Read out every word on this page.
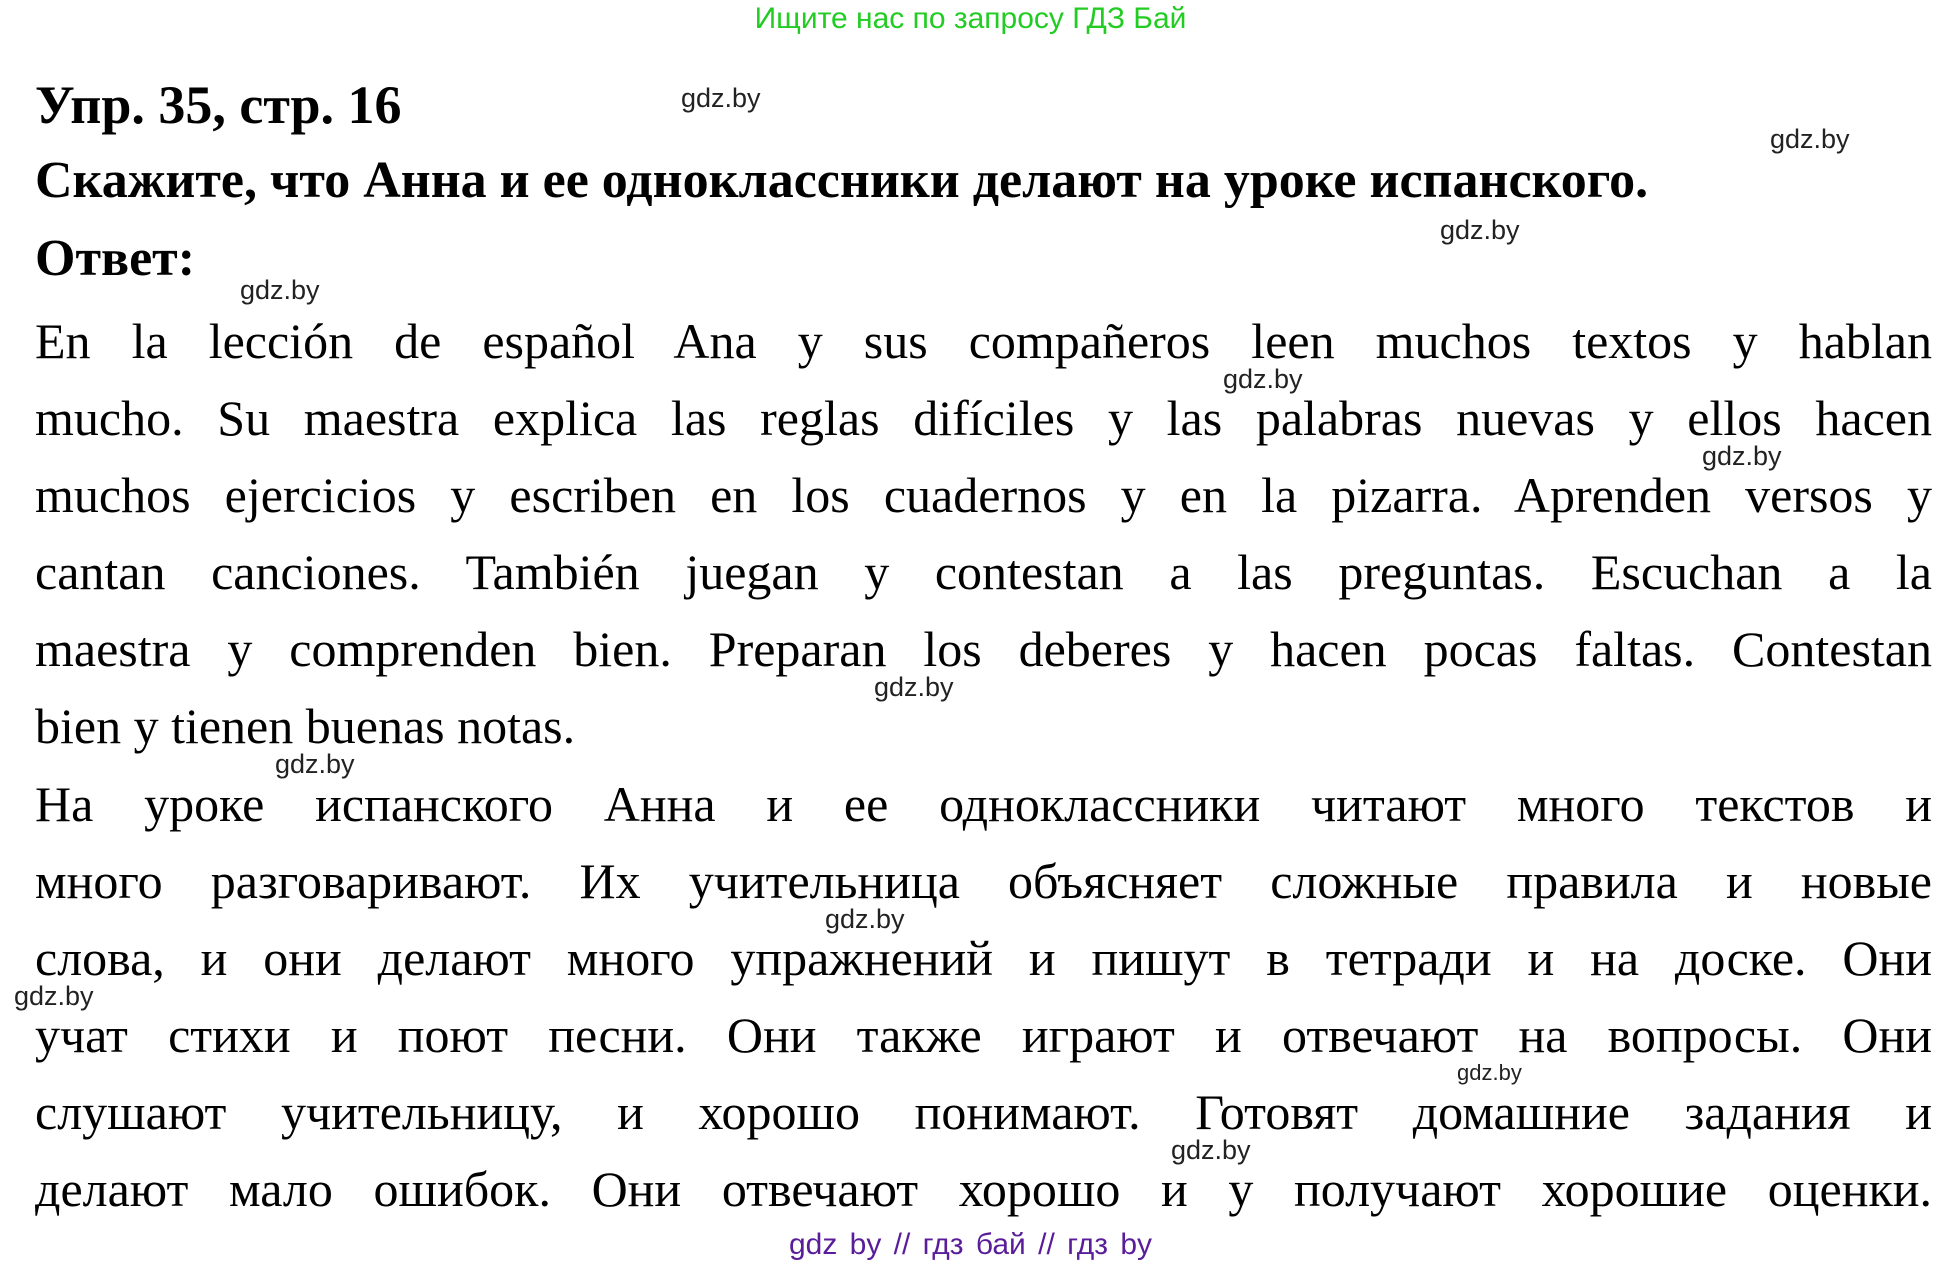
Ищите нас по запросу ГДЗ Бай
Упр. 35, стр. 16
Скажите, что Анна и ее одноклассники делают на уроке испанского.
Ответ:
En la lección de español Ana y sus compañeros leen muchos textos y hablan
mucho. Su maestra explica las reglas difíciles y las palabras nuevas y ellos hacen
muchos ejercicios y escriben en los cuadernos y en la pizarra. Aprenden versos y
cantan canciones. También juegan y contestan a las preguntas. Escuchan a la
maestra y comprenden bien. Preparan los deberes y hacen pocas faltas. Contestan
bien y tienen buenas notas.
На уроке испанского Анна и ее одноклассники читают много текстов и
много разговаривают. Их учительница объясняет сложные правила и новые
слова, и они делают много упражнений и пишут в тетради и на доске. Они
учат стихи и поют песни. Они также играют и отвечают на вопросы. Они
слушают учительницу, и хорошо понимают. Готовят домашние задания и
делают мало ошибок. Они отвечают хорошо и у получают хорошие оценки.
gdz.by
gdz.by
gdz.by
gdz.by
gdz.by
gdz.by
gdz.by
gdz.by
gdz.by
gdz.by
gdz.by
gdz.by
gdz by // гдз бай // гдз by
